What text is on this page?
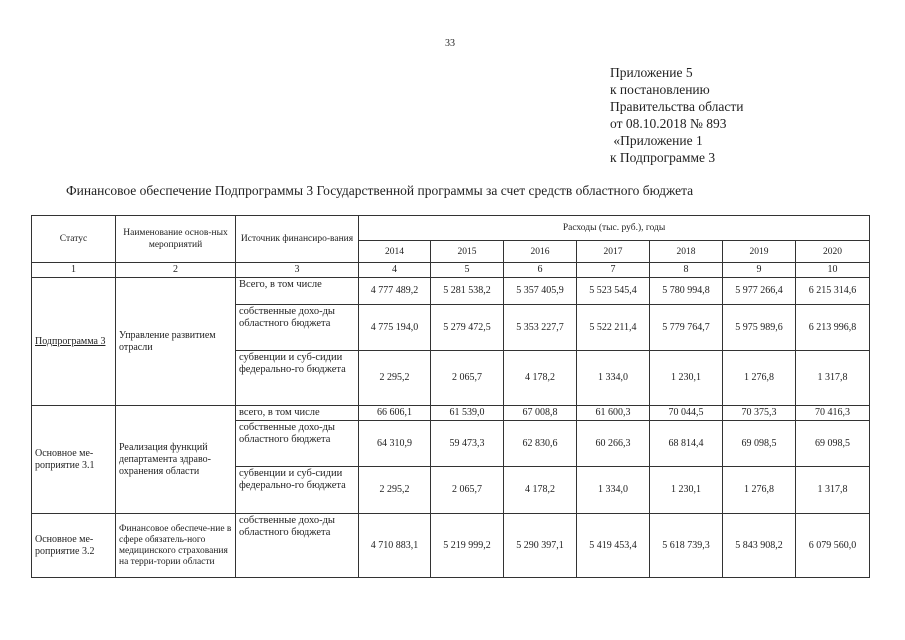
33
Приложение 5
к постановлению
Правительства области
от 08.10.2018 № 893
«Приложение 1
к Подпрограмме 3
Финансовое обеспечение Подпрограммы 3 Государственной программы за счет средств областного бюджета
Статус	Наименование основ-ных мероприятий	Источник финансиро-вания	Расходы (тыс. руб.), годы						
			2014	2015	2016	2017	2018	2019	2020
1	2	3	4	5	6	7	8	9	10
Подпрограмма 3	Управление развитием отрасли	Всего, в том числе	4 777 489,2	5 281 538,2	5 357 405,9	5 523 545,4	5 780 994,8	5 977 266,4	6 215 314,6
		собственные дохо-ды областного бюджета	4 775 194,0	5 279 472,5	5 353 227,7	5 522 211,4	5 779 764,7	5 975 989,6	6 213 996,8
		субвенции и суб-сидии федерально-го бюджета	2 295,2	2 065,7	4 178,2	1 334,0	1 230,1	1 276,8	1 317,8
Основное ме-роприятие 3.1	Реализация функций департамента здраво-охранения области	всего, в том числе	66 606,1	61 539,0	67 008,8	61 600,3	70 044,5	70 375,3	70 416,3
		собственные дохо-ды областного бюджета	64 310,9	59 473,3	62 830,6	60 266,3	68 814,4	69 098,5	69 098,5
		субвенции и суб-сидии федерально-го бюджета	2 295,2	2 065,7	4 178,2	1 334,0	1 230,1	1 276,8	1 317,8
Основное ме-роприятие 3.2	Финансовое обеспече-ние в сфере обязатель-ного медицинского страхования на терри-тории области	собственные дохо-ды областного бюджета	4 710 883,1	5 219 999,2	5 290 397,1	5 419 453,4	5 618 739,3	5 843 908,2	6 079 560,0
